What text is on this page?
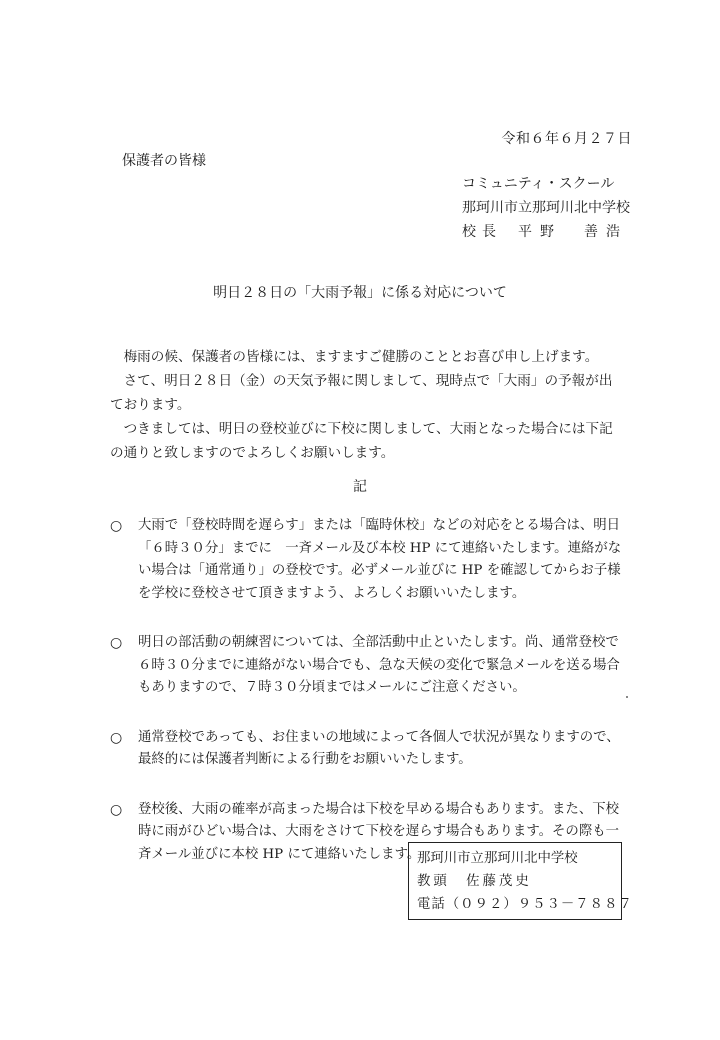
令和６年６月２７日
保護者の皆様
コミュニティ・スクール
那珂川市立那珂川北中学校
校長 平野　善浩
明日２８日の「大雨予報」に係る対応について

梅雨の候、保護者の皆様には、ますますご健勝のこととお喜び申し上げます。

さて、明日２８日（金）の天気予報に関しまして、現時点で「大雨」の予報が出ております。

つきましては、明日の登校並びに下校に関しまして、大雨となった場合には下記の通りと致しますのでよろしくお願いします。

記
○ 大雨で「登校時間を遅らす」または「臨時休校」などの対応をとる場合は、明日「６時３０分」までに　一斉メール及び本校 HP にて連絡いたします。連絡がない場合は「通常通り」の登校です。必ずメール並びに HP を確認してからお子様を学校に登校させて頂きますよう、よろしくお願いいたします。
○ 明日の部活動の朝練習については、全部活動中止といたします。尚、通常登校で６時３０分までに連絡がない場合でも、急な天候の変化で緊急メールを送る場合もありますので、７時３０分頃まではメールにご注意ください。
○ 通常登校であっても、お住まいの地域によって各個人で状況が異なりますので、最終的には保護者判断による行動をお願いいたします。
○ 登校後、大雨の確率が高まった場合は下校を早める場合もあります。また、下校時に雨がひどい場合は、大雨をさけて下校を遅らす場合もあります。その際も一斉メール並びに本校 HP にて連絡いたします。
那珂川市立那珂川北中学校
教頭　佐藤茂史
電話（０９２）９５３－７８８７
